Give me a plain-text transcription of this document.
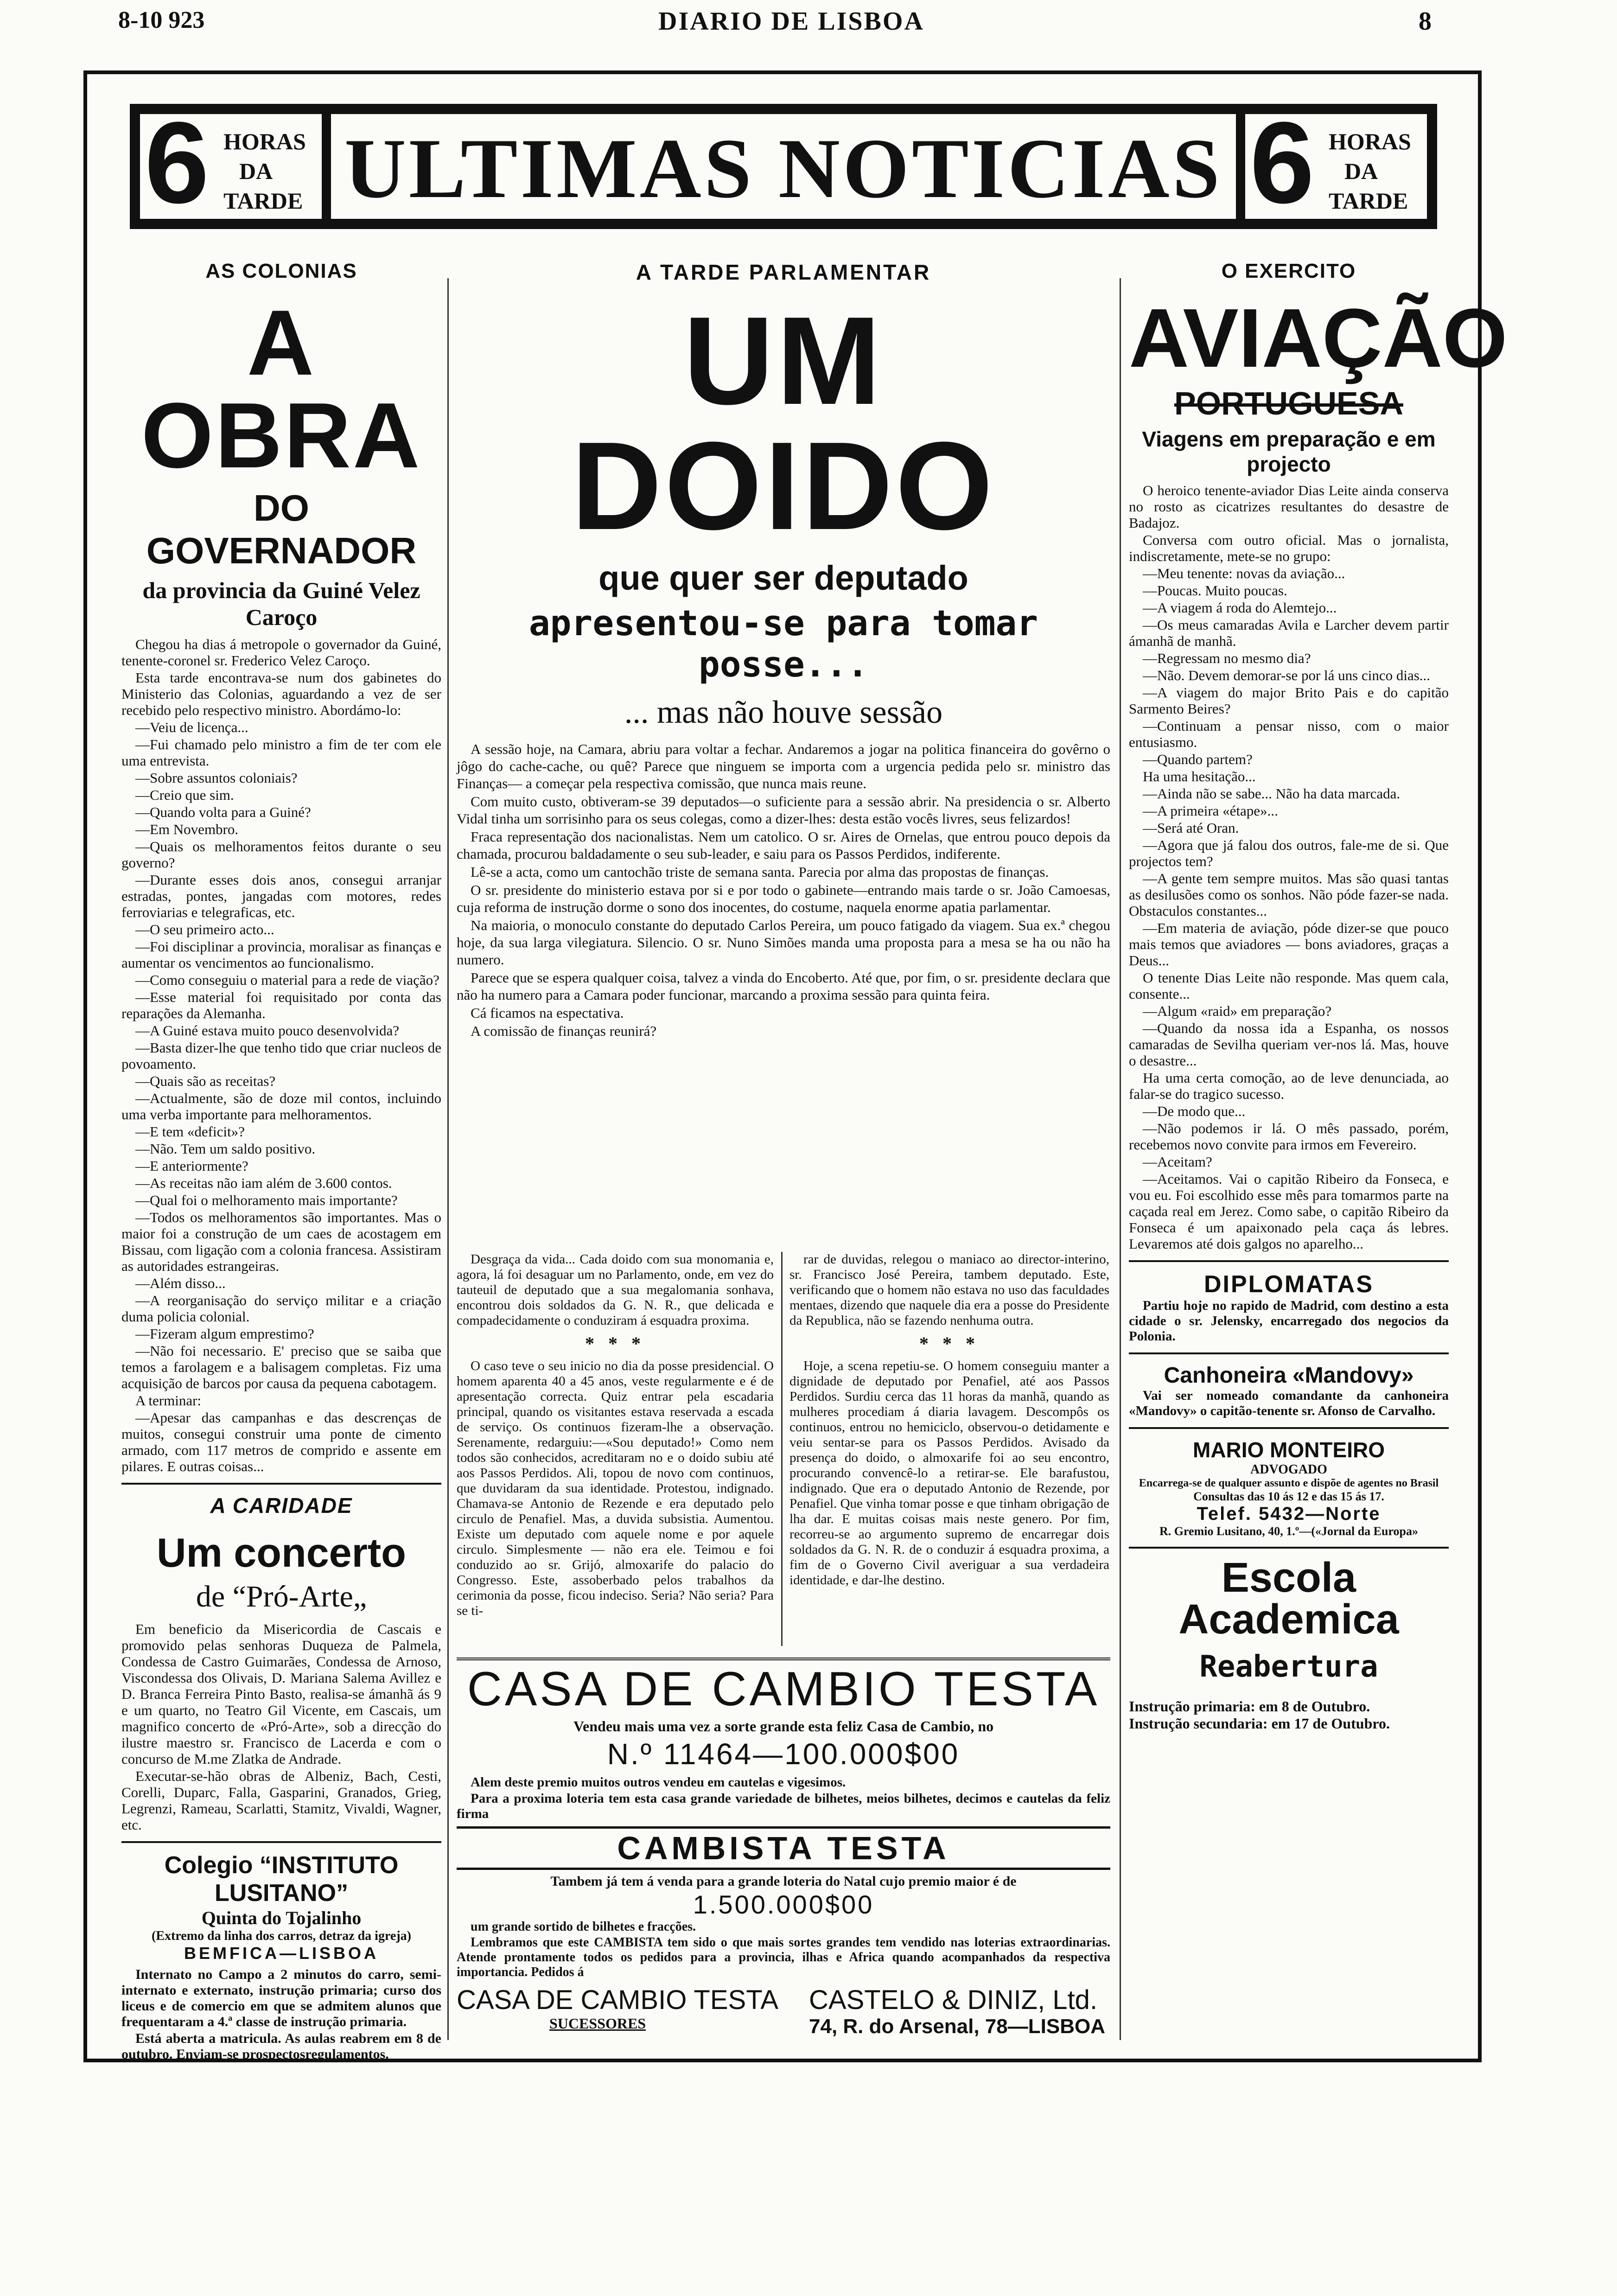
8-10 923	DIARIO DE LISBOA	8
6 HORAS
DA
TARDE ULTIMAS NOTICIAS 6 HORAS
DA
TARDE
AS COLONIAS
A OBRA
DO GOVERNADOR
da provincia da Guiné Velez Caroço

Chegou ha dias á metropole o governador da Guiné, tenente-coronel sr. Frederico Velez Caroço.

Esta tarde encontrava-se num dos gabinetes do Ministerio das Colonias, aguardando a vez de ser recebido pelo respectivo ministro. Abordámo-lo:

—Veiu de licença...

—Fui chamado pelo ministro a fim de ter com ele uma entrevista.

—Sobre assuntos coloniais?

—Creio que sim.

—Quando volta para a Guiné?

—Em Novembro.

—Quais os melhoramentos feitos durante o seu governo?

—Durante esses dois anos, consegui arranjar estradas, pontes, jangadas com motores, redes ferroviarias e telegraficas, etc.

—O seu primeiro acto...

—Foi disciplinar a provincia, moralisar as finanças e aumentar os vencimentos ao funcionalismo.

—Como conseguiu o material para a rede de viação?

—Esse material foi requisitado por conta das reparações da Alemanha.

—A Guiné estava muito pouco desenvolvida?

—Basta dizer-lhe que tenho tido que criar nucleos de povoamento.

—Quais são as receitas?

—Actualmente, são de doze mil contos, incluindo uma verba importante para melhoramentos.

—E tem «deficit»?

—Não. Tem um saldo positivo.

—E anteriormente?

—As receitas não iam além de 3.600 contos.

—Qual foi o melhoramento mais importante?

—Todos os melhoramentos são importantes. Mas o maior foi a construção de um caes de acostagem em Bissau, com ligação com a colonia francesa. Assistiram as autoridades estrangeiras.

—Além disso...

—A reorganisação do serviço militar e a criação duma policia colonial.

—Fizeram algum emprestimo?

—Não foi necessario. E' preciso que se saiba que temos a farolagem e a balisagem completas. Fiz uma acquisição de barcos por causa da pequena cabotagem.

A terminar:

—Apesar das campanhas e das descrenças de muitos, consegui construir uma ponte de cimento armado, com 117 metros de comprido e assente em pilares. E outras coisas...

A CARIDADE
Um concerto
de “Pró-Arte„

Em beneficio da Misericordia de Cascais e promovido pelas senhoras Duqueza de Palmela, Condessa de Castro Guimarães, Condessa de Arnoso, Viscondessa dos Olivais, D. Mariana Salema Avillez e D. Branca Ferreira Pinto Basto, realisa-se ámanhã ás 9 e um quarto, no Teatro Gil Vicente, em Cascais, um magnifico concerto de «Pró-Arte», sob a direcção do ilustre maestro sr. Francisco de Lacerda e com o concurso de M.me Zlatka de Andrade.

Executar-se-hão obras de Albeniz, Bach, Cesti, Corelli, Duparc, Falla, Gasparini, Granados, Grieg, Legrenzi, Rameau, Scarlatti, Stamitz, Vivaldi, Wagner, etc.

Colegio “INSTITUTO LUSITANO”
Quinta do Tojalinho
(Extremo da linha dos carros, detraz da igreja)
BEMFICA—LISBOA

Internato no Campo a 2 minutos do carro, semi-internato e externato, instrução primaria; curso dos liceus e de comercio em que se admitem alunos que frequentaram a 4.ª classe de instrução primaria.

Está aberta a matricula. As aulas reabrem em 8 de outubro. Enviam-se prospectosregulamentos.

A TARDE PARLAMENTAR
UM DOIDO
que quer ser deputado
apresentou-se para tomar posse...
... mas não houve sessão

A sessão hoje, na Camara, abriu para voltar a fechar. Andaremos a jogar na politica financeira do govêrno o jôgo do cache-cache, ou quê? Parece que ninguem se importa com a urgencia pedida pelo sr. ministro das Finanças— a começar pela respectiva comissão, que nunca mais reune.

Com muito custo, obtiveram-se 39 deputados—o suficiente para a sessão abrir. Na presidencia o sr. Alberto Vidal tinha um sorrisinho para os seus colegas, como a dizer-lhes: desta estão vocês livres, seus felizardos!

Fraca representação dos nacionalistas. Nem um catolico. O sr. Aires de Ornelas, que entrou pouco depois da chamada, procurou baldadamente o seu sub-leader, e saiu para os Passos Perdidos, indiferente.

Lê-se a acta, como um cantochão triste de semana santa. Parecia por alma das propostas de finanças.

O sr. presidente do ministerio estava por si e por todo o gabinete—entrando mais tarde o sr. João Camoesas, cuja reforma de instrução dorme o sono dos inocentes, do costume, naquela enorme apatia parlamentar.

Na maioria, o monoculo constante do deputado Carlos Pereira, um pouco fatigado da viagem. Sua ex.ª chegou hoje, da sua larga vilegiatura. Silencio. O sr. Nuno Simões manda uma proposta para a mesa se ha ou não ha numero.

Parece que se espera qualquer coisa, talvez a vinda do Encoberto. Até que, por fim, o sr. presidente declara que não ha numero para a Camara poder funcionar, marcando a proxima sessão para quinta feira.

Cá ficamos na espectativa.

A comissão de finanças reunirá?

Desgraça da vida... Cada doido com sua monomania e, agora, lá foi desaguar um no Parlamento, onde, em vez do tauteuil de deputado que a sua megalomania sonhava, encontrou dois soldados da G. N. R., que delicada e compadecidamente o conduziram á esquadra proxima.

* * *

O caso teve o seu inicio no dia da posse presidencial. O homem aparenta 40 a 45 anos, veste regularmente e é de apresentação correcta. Quiz entrar pela escadaria principal, quando os visitantes estava reservada a escada de serviço. Os continuos fizeram-lhe a observação. Serenamente, redarguiu:—«Sou deputado!» Como nem todos são conhecidos, acreditaram no e o doido subiu até aos Passos Perdidos. Ali, topou de novo com continuos, que duvidaram da sua identidade. Protestou, indignado. Chamava-se Antonio de Rezende e era deputado pelo circulo de Penafiel. Mas, a duvida subsistia. Aumentou. Existe um deputado com aquele nome e por aquele circulo. Simplesmente — não era ele. Teimou e foi conduzido ao sr. Grijó, almoxarife do palacio do Congresso. Este, assoberbado pelos trabalhos da cerimonia da posse, ficou indeciso. Seria? Não seria? Para se ti-

rar de duvidas, relegou o maniaco ao director-interino, sr. Francisco José Pereira, tambem deputado. Este, verificando que o homem não estava no uso das faculdades mentaes, dizendo que naquele dia era a posse do Presidente da Republica, não se fazendo nenhuma outra.

* * *

Hoje, a scena repetiu-se. O homem conseguiu manter a dignidade de deputado por Penafiel, até aos Passos Perdidos. Surdiu cerca das 11 horas da manhã, quando as mulheres procediam á diaria lavagem. Descompôs os continuos, entrou no hemiciclo, observou-o detidamente e veiu sentar-se para os Passos Perdidos. Avisado da presença do doido, o almoxarife foi ao seu encontro, procurando convencê-lo a retirar-se. Ele barafustou, indignado. Que era o deputado Antonio de Rezende, por Penafiel. Que vinha tomar posse e que tinham obrigação de lha dar. E muitas coisas mais neste genero. Por fim, recorreu-se ao argumento supremo de encarregar dois soldados da G. N. R. de o conduzir á esquadra proxima, a fim de o Governo Civil averiguar a sua verdadeira identidade, e dar-lhe destino.

CASA DE CAMBIO TESTA
Vendeu mais uma vez a sorte grande esta feliz Casa de Cambio, no
N.º 11464—100.000$00

Alem deste premio muitos outros vendeu em cautelas e vigesimos.

Para a proxima loteria tem esta casa grande variedade de bilhetes, meios bilhetes, decimos e cautelas da feliz firma

CAMBISTA TESTA
Tambem já tem á venda para a grande loteria do Natal cujo premio maior é de
1.500.000$00

um grande sortido de bilhetes e fracções.

Lembramos que este CAMBISTA tem sido o que mais sortes grandes tem vendido nas loterias extraordinarias. Atende prontamente todos os pedidos para a provincia, ilhas e Africa quando acompanhados da respectiva importancia. Pedidos á

CASA DE CAMBIO TESTA
SUCESSORES
CASTELO & DINIZ, Ltd.
74, R. do Arsenal, 78—LISBOA
O EXERCITO
AVIAÇÃO
PORTUGUESA
Viagens em preparação e em projecto

O heroico tenente-aviador Dias Leite ainda conserva no rosto as cicatrizes resultantes do desastre de Badajoz.

Conversa com outro oficial. Mas o jornalista, indiscretamente, mete-se no grupo:

—Meu tenente: novas da aviação...

—Poucas. Muito poucas.

—A viagem á roda do Alemtejo...

—Os meus camaradas Avila e Larcher devem partir ámanhã de manhã.

—Regressam no mesmo dia?

—Não. Devem demorar-se por lá uns cinco dias...

—A viagem do major Brito Pais e do capitão Sarmento Beires?

—Continuam a pensar nisso, com o maior entusiasmo.

—Quando partem?

Ha uma hesitação...

—Ainda não se sabe... Não ha data marcada.

—A primeira «étape»...

—Será até Oran.

—Agora que já falou dos outros, fale-me de si. Que projectos tem?

—A gente tem sempre muitos. Mas são quasi tantas as desilusões como os sonhos. Não póde fazer-se nada. Obstaculos constantes...

—Em materia de aviação, póde dizer-se que pouco mais temos que aviadores — bons aviadores, graças a Deus...

O tenente Dias Leite não responde. Mas quem cala, consente...

—Algum «raid» em preparação?

—Quando da nossa ida a Espanha, os nossos camaradas de Sevilha queriam ver-nos lá. Mas, houve o desastre...

Ha uma certa comoção, ao de leve denunciada, ao falar-se do tragico sucesso.

—De modo que...

—Não podemos ir lá. O mês passado, porém, recebemos novo convite para irmos em Fevereiro.

—Aceitam?

—Aceitamos. Vai o capitão Ribeiro da Fonseca, e vou eu. Foi escolhido esse mês para tomarmos parte na caçada real em Jerez. Como sabe, o capitão Ribeiro da Fonseca é um apaixonado pela caça ás lebres. Levaremos até dois galgos no aparelho...

DIPLOMATAS

Partiu hoje no rapido de Madrid, com destino a esta cidade o sr. Jelensky, encarregado dos negocios da Polonia.

Canhoneira «Mandovy»

Vai ser nomeado comandante da canhoneira «Mandovy» o capitão-tenente sr. Afonso de Carvalho.

MARIO MONTEIRO
ADVOGADO
Encarrega-se de qualquer assunto e dispõe de agentes no Brasil
Consultas das 10 ás 12 e das 15 ás 17.
Telef. 5432—Norte
R. Gremio Lusitano, 40, 1.º—(«Jornal da Europa»
Escola Academica
Reabertura
Instrução primaria: em 8 de Outubro.
Instrução secundaria: em 17 de Outubro.
